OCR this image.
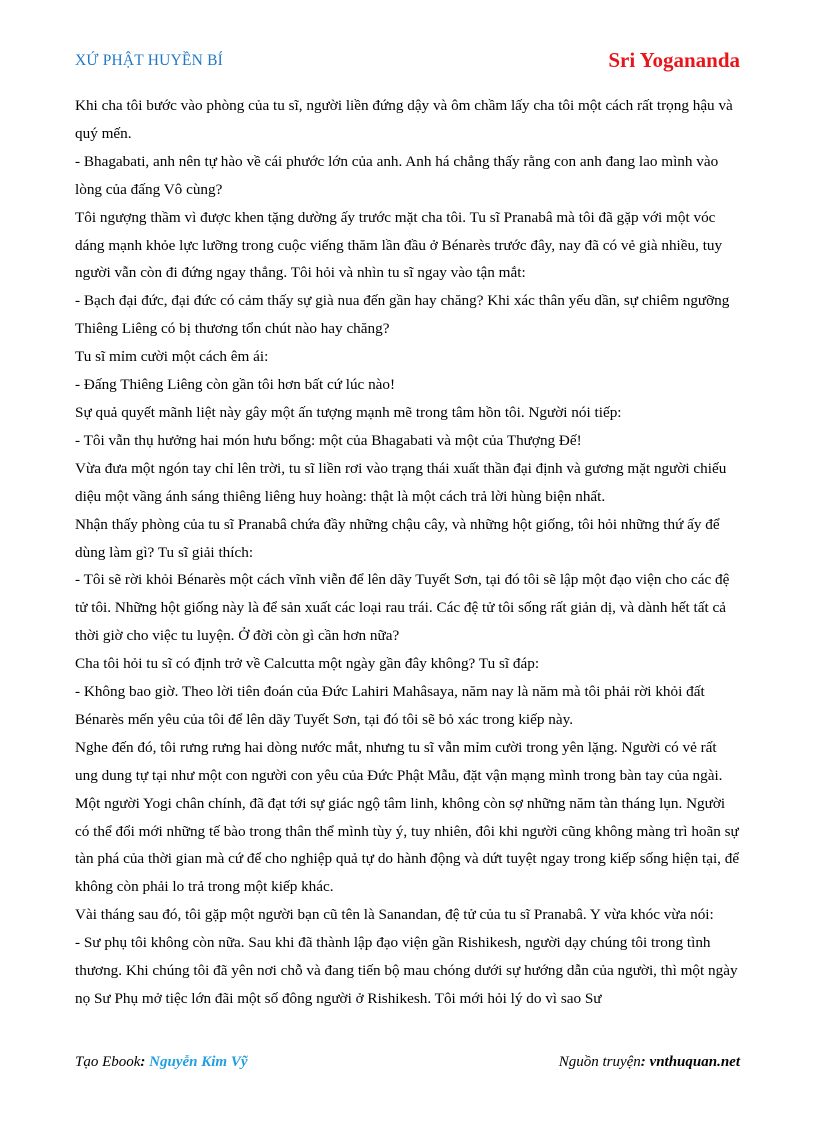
XỨ PHẬT HUYỀN BÍ	Sri Yogananda

Khi cha tôi bước vào phòng của tu sĩ, người liền đứng dậy và ôm chầm lấy cha tôi một cách rất trọng hậu và quý mến.

- Bhagabati, anh nên tự hào về cái phước lớn của anh. Anh há chẳng thấy rằng con anh đang lao mình vào lòng của đấng Vô cùng?

Tôi ngượng thầm vì được khen tặng dường ấy trước mặt cha tôi. Tu sĩ Pranabâ mà tôi đã gặp với một vóc dáng mạnh khỏe lực lưỡng trong cuộc viếng thăm lần đầu ở Bénarès trước đây, nay đã có vẻ già nhiều, tuy người vẫn còn đi đứng ngay thẳng. Tôi hỏi và nhìn tu sĩ ngay vào tận mắt:

- Bạch đại đức, đại đức có cảm thấy sự già nua đến gần hay chăng? Khi xác thân yếu dần, sự chiêm ngưỡng Thiêng Liêng có bị thương tổn chút nào hay chăng?

Tu sĩ mỉm cười một cách êm ái:

- Đấng Thiêng Liêng còn gần tôi hơn bất cứ lúc nào!

Sự quả quyết mãnh liệt này gây một ấn tượng mạnh mẽ trong tâm hồn tôi. Người nói tiếp:

- Tôi vẫn thụ hưởng hai món hưu bổng: một của Bhagabati và một của Thượng Đế!

Vừa đưa một ngón tay chỉ lên trời, tu sĩ liền rơi vào trạng thái xuất thần đại định và gương mặt người chiếu diệu một vầng ánh sáng thiêng liêng huy hoàng: thật là một cách trả lời hùng biện nhất.

Nhận thấy phòng của tu sĩ Pranabâ chứa đầy những chậu cây, và những hột giống, tôi hỏi những thứ ấy để dùng làm gì? Tu sĩ giải thích:

- Tôi sẽ rời khỏi Bénarès một cách vĩnh viễn để lên dãy Tuyết Sơn, tại đó tôi sẽ lập một đạo viện cho các đệ tử tôi. Những hột giống này là để sản xuất các loại rau trái. Các đệ tử tôi sống rất giản dị, và dành hết tất cả thời giờ cho việc tu luyện. Ở đời còn gì cần hơn nữa?

Cha tôi hỏi tu sĩ có định trở về Calcutta một ngày gần đây không? Tu sĩ đáp:

- Không bao giờ. Theo lời tiên đoán của Đức Lahiri Mahâsaya, năm nay là năm mà tôi phải rời khỏi đất Bénarès mến yêu của tôi để lên dãy Tuyết Sơn, tại đó tôi sẽ bỏ xác trong kiếp này.

Nghe đến đó, tôi rưng rưng hai dòng nước mắt, nhưng tu sĩ vẫn mỉm cười trong yên lặng. Người có vẻ rất ung dung tự tại như một con người con yêu của Đức Phật Mẫu, đặt vận mạng mình trong bàn tay của ngài. Một người Yogi chân chính, đã đạt tới sự giác ngộ tâm linh, không còn sợ những năm tàn tháng lụn. Người có thể đổi mới những tế bào trong thân thể mình tùy ý, tuy nhiên, đôi khi người cũng không màng trì hoãn sự tàn phá của thời gian mà cứ để cho nghiệp quả tự do hành động và dứt tuyệt ngay trong kiếp sống hiện tại, để không còn phải lo trả trong một kiếp khác.

Vài tháng sau đó, tôi gặp một người bạn cũ tên là Sanandan, đệ tử của tu sĩ Pranabâ. Y vừa khóc vừa nói:

- Sư phụ tôi không còn nữa. Sau khi đã thành lập đạo viện gần Rishikesh, người dạy chúng tôi trong tình thương. Khi chúng tôi đã yên nơi chỗ và đang tiến bộ mau chóng dưới sự hướng dẫn của người, thì một ngày nọ Sư Phụ mở tiệc lớn đãi một số đông người ở Rishikesh. Tôi mới hỏi lý do vì sao Sư

Tạo Ebook: Nguyễn Kim Vỹ	Nguồn truyện: vnthuquan.net
